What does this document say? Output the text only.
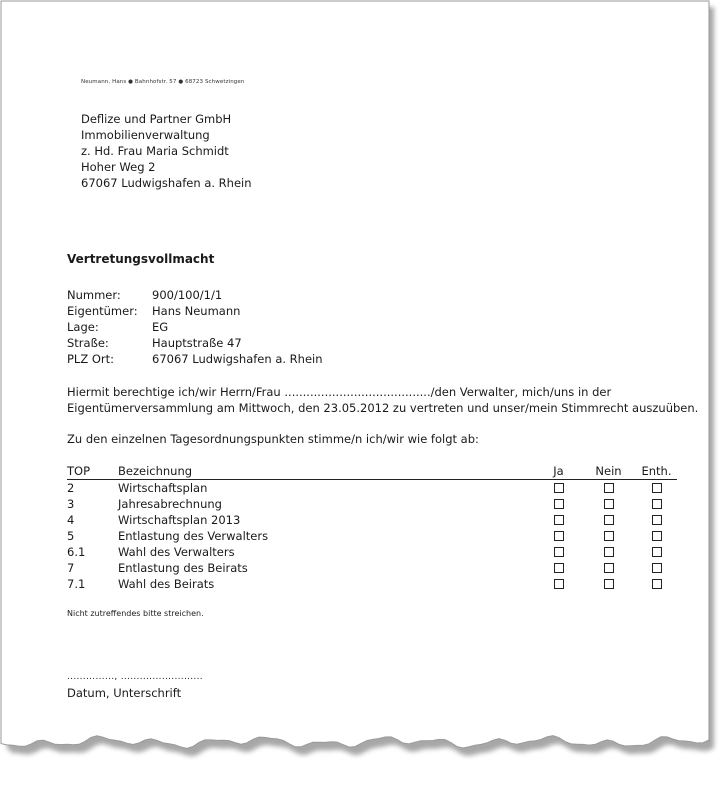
Neumann, Hans ● Bahnhofstr. 57 ● 68723 Schwetzingen
Deflize und Partner GmbH
Immobilienverwaltung
z. Hd. Frau Maria Schmidt
Hoher Weg 2
67067 Ludwigshafen a. Rhein
Vertretungsvollmacht
Nummer:	900/100/1/1
Eigentümer:	Hans Neumann
Lage:	EG
Straße:	Hauptstraße 47
PLZ Ort:	67067 Ludwigshafen a. Rhein
Hiermit berechtige ich/wir Herrn/Frau ......................................../den Verwalter, mich/uns in der
Eigentümerversammlung am Mittwoch, den 23.05.2012 zu vertreten und unser/mein Stimmrecht auszuüben.
Zu den einzelnen Tagesordnungspunkten stimme/n ich/wir wie folgt ab:
TOP	Bezeichnung	Ja	Nein	Enth.
2	Wirtschaftsplan
3	Jahresabrechnung
4	Wirtschaftsplan 2013
5	Entlastung des Verwalters
6.1	Wahl des Verwalters
7	Entlastung des Beirats
7.1	Wahl des Beirats
Nicht zutreffendes bitte streichen.
..............., ..........................
Datum, Unterschrift
